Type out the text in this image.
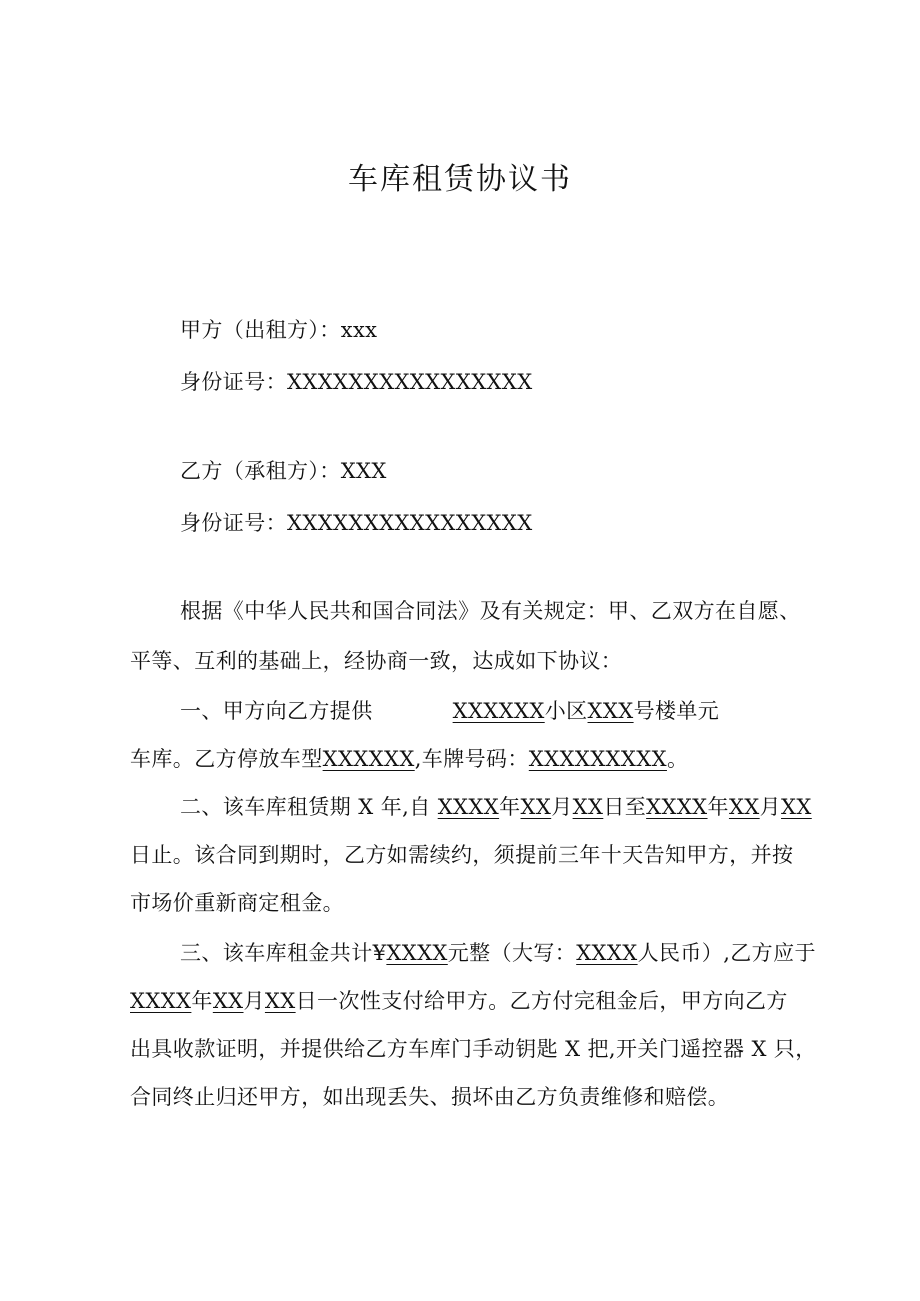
车库租赁协议书
甲方（出租方）：xxx
身份证号：XXXXXXXXXXXXXXXX
乙方（承租方）：XXX
身份证号：XXXXXXXXXXXXXXXX
根据《中华人民共和国合同法》及有关规定：甲、乙双方在自愿、
平等、互利的基础上，经协商一致，达成如下协议：
一、甲方向乙方提供	XXXXXX小区XXX号楼单元
车库。乙方停放车型XXXXXX,车牌号码：XXXXXXXXX。
二、该车库租赁期 X 年,自 XXXX年XX月XX日至XXXX年XX月XX
日止。该合同到期时，乙方如需续约，须提前三年十天告知甲方，并按
市场价重新商定租金。
三、该车库租金共计¥XXXX元整（大写：XXXX人民币）,乙方应于
XXXX年XX月XX日一次性支付给甲方。乙方付完租金后，甲方向乙方
出具收款证明，并提供给乙方车库门手动钥匙 X 把,开关门遥控器 X 只，
合同终止归还甲方，如出现丢失、损坏由乙方负责维修和赔偿。
